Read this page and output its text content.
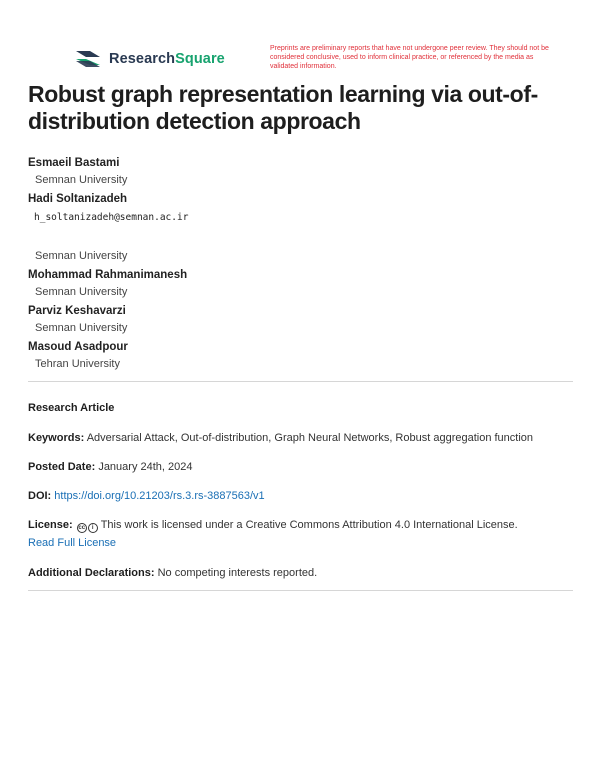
ResearchSquare
Preprints are preliminary reports that have not undergone peer review. They should not be considered conclusive, used to inform clinical practice, or referenced by the media as validated information.
Robust graph representation learning via out-of-distribution detection approach
Esmaeil Bastami
Semnan University
Hadi Soltanizadeh
h_soltanizadeh@semnan.ac.ir
Semnan University
Mohammad Rahmanimanesh
Semnan University
Parviz Keshavarzi
Semnan University
Masoud Asadpour
Tehran University
Research Article
Keywords: Adversarial Attack, Out-of-distribution, Graph Neural Networks, Robust aggregation function
Posted Date: January 24th, 2024
DOI: https://doi.org/10.21203/rs.3.rs-3887563/v1
License: cc	i This work is licensed under a Creative Commons Attribution 4.0 International License.
Read Full License
Additional Declarations: No competing interests reported.
